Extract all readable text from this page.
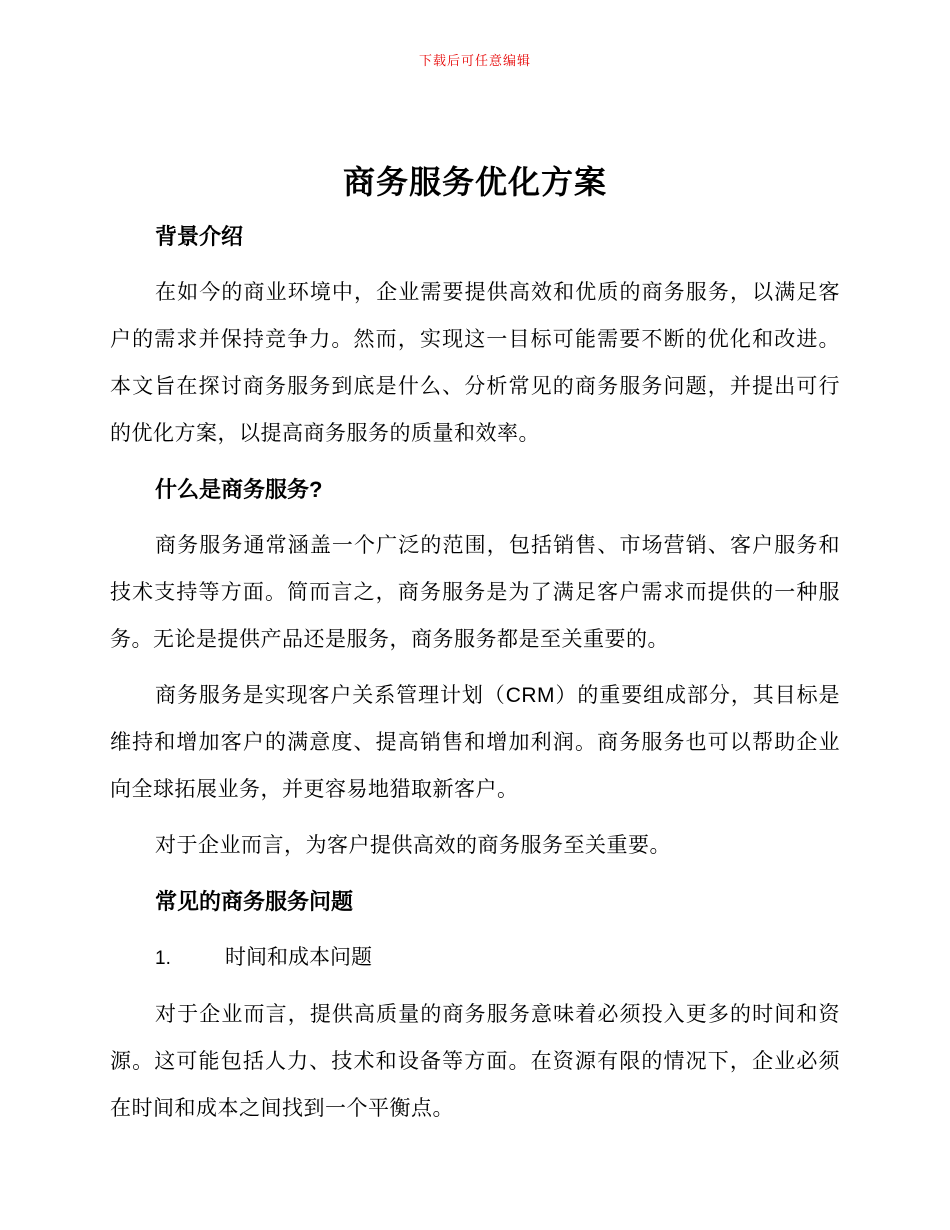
下载后可任意编辑
商务服务优化方案
背景介绍

在如今的商业环境中，企业需要提供高效和优质的商务服务，以满足客户的需求并保持竞争力。然而，实现这一目标可能需要不断的优化和改进。本文旨在探讨商务服务到底是什么、分析常见的商务服务问题，并提出可行的优化方案，以提高商务服务的质量和效率。

什么是商务服务?

商务服务通常涵盖一个广泛的范围，包括销售、市场营销、客户服务和技术支持等方面。简而言之，商务服务是为了满足客户需求而提供的一种服务。无论是提供产品还是服务，商务服务都是至关重要的。

商务服务是实现客户关系管理计划（CRM）的重要组成部分，其目标是维持和增加客户的满意度、提高销售和增加利润。商务服务也可以帮助企业向全球拓展业务，并更容易地猎取新客户。

对于企业而言，为客户提供高效的商务服务至关重要。

常见的商务服务问题
1.	时间和成本问题

对于企业而言，提供高质量的商务服务意味着必须投入更多的时间和资源。这可能包括人力、技术和设备等方面。在资源有限的情况下，企业必须在时间和成本之间找到一个平衡点。
